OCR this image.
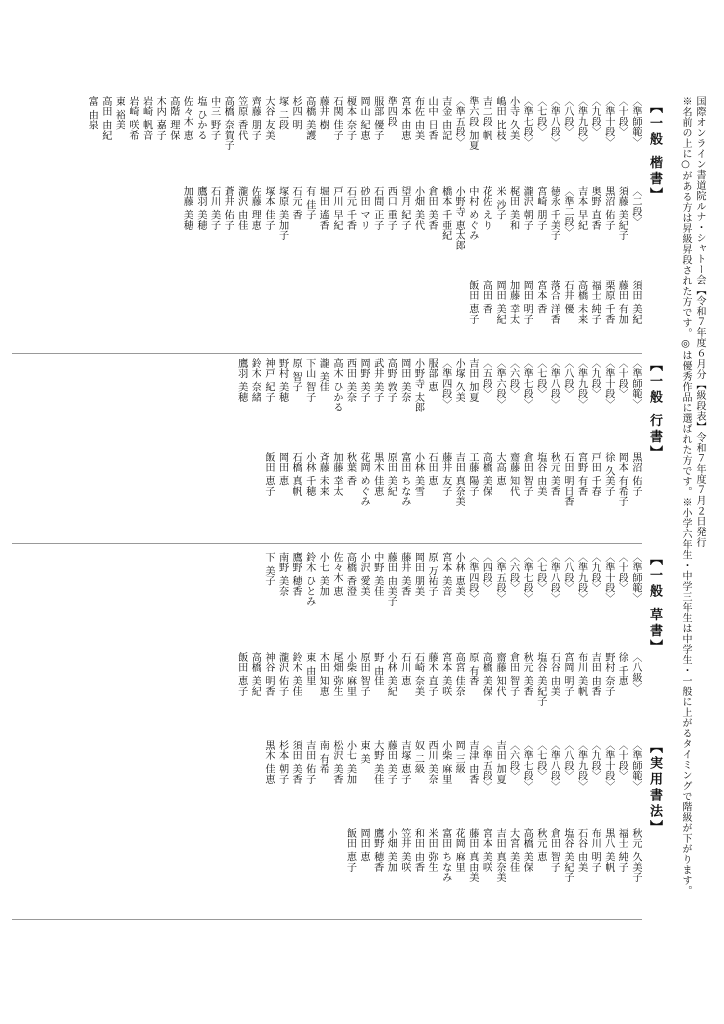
国際オンライン書道院ルナ・シャトー会【令和７年度６月分【級段表】令和７年度７月２日発行
※名前の上に○がある方は昇級昇段された方です。◎は優秀作品に選ばれた方です。※小学六年生・中学三年生は中学生・一般に上がるタイミングで階級が下がります。
【一般 楷書】
〈準師範〉
〈十段〉
〈準十段〉
〈九段〉
〈準九段〉
〈八段〉
〈準八段〉
〈七段〉
〈準七段〉
小寺 久美
嶋田 比枝
吉二段 帆
準六段 加夏
〈準五段〉
吉金 由記
山中 日香
布佐 由美
宮本 由恵
準四段
服部 優子
岡山 紀恵
榎本 奈子
石関 佳子
藤井 樹
高橋 美護
杉四 明
塚 二段
大谷 友美
齊藤 朋子
笠原 香代
高橋 奈賀子
中三 野子
塩 ひかる
佐々木 恵
高階 理保
木内 嘉子
岩崎 帆音
岩崎 咲希
東 裕美
高田 由紀
富 由泉
〈二段〉
須藤 美紀子
黒沼 佑子
奥野 直香
吉本 早紀
〈準二段〉
徳永 千美子
宮崎 朋子
瀧沢 朝子
梶田 美和
米 沙子
花佐 えり
中村 めぐみ
小野寺 恵太郎
橋本 千亜紀
倉田 美香
小畑 美代
望月 紀子
西口 重子
石間 正子
砂田 マリ
石元 千香
戸川 早紀
堀田 遙香
有 佳子
石元 香
塚原 美加子
塚本 佳子
佐藤 理恵
瀧沢 由佳
蒼井 佑子
石川 美子
鷹羽 美穂
加藤 美穂
須田 美紀
藤田 有加
栗原 千香
福士 純子
高橋 未来
石井 優
落合 洋香
宮本 香
岡田 明子
加藤 幸太
岡田 美紀
高田 香
飯田 恵子
【一般 行書】
〈準師範〉
〈十段〉
〈準十段〉
〈九段〉
〈準九段〉
〈八段〉
〈準八段〉
〈七段〉
〈準七段〉
〈六段〉
〈準六段〉
〈五段〉
吉田 加夏
小塚 久美
〈準四段〉
服部 恵
小野寺 太郎
岡田 美奈
高野 敦子
武井 美子
岡野 美子
西田 美奈
高木 ひかる
瀧 美佳
下山 智子
原 智子
野村 美穂
神戸 紀子
鈴木 奈緒
鷹羽 美穂
黒沼 佑子
岡本 有希子
徐 久美子
戸田 千春
宮野 有香
石田 明日香
秋元 美香
塩谷 由美
倉田 智子
齋藤 知代
大高 恵
高橋 美保
工藤 陽子
吉田 真奈美
藤井 友子
石田 恵
小林 美雪
富田 ちなみ
原田 美紀
黒木 佳恵
花岡 めぐみ
秋葉 香
加藤 幸太
斉藤 未来
小林 千穂
石橋 真帆
岡田 恵
飯田 恵子
【一般 草書】
〈準師範〉
〈十段〉
〈準十段〉
〈九段〉
〈準九段〉
〈八段〉
〈準八段〉
〈七段〉
〈準七段〉
〈六段〉
〈準五段〉
〈四段〉
〈準四段〉
小林 恵美
宮本 美音
原 万祐子
岡田 朋美
藤井 美香
藤田 由美子
中野 美佳
小沢 愛美
高橋 香澄
佐々木 恵
小七 美加
鈴木 ひとみ
鷹野 穂香
南野 美奈
下 美子
〈八級〉
徐 千恵
野村 奈子
吉田 由香
布川 美帆
宮岡 明子
石谷 由美
塩谷 美紀子
秋元 美香
倉田 智子
齋藤 知代
高橋 美保
原 有香
高宮 佳奈
宮本 美咲
藤木 直子
石崎 奈美
石川 恵
小林 美紀
野 由佳
原田 智子
小柴 麻里
尾畑 弥生
木田 知恵
東 由里
鈴木 美佳
瀧沢 佑子
神谷 明香
高橋 美紀
飯田 恵子
【実用書法】
〈準師範〉
〈十段〉
〈準十段〉
〈九段〉
〈準九段〉
〈八段〉
〈準八段〉
〈七段〉
〈準七段〉
〈六段〉
吉田 加夏
〈準五段〉
吉津 由香
岡 三級
小柴 麻里
西川 美奈
奴 二級
吉塚 恵子
藤田 美子
大野 美佳
東 美
小七 美加
松沢 美香
南 有希
吉田 佑子
須田 美香
杉本 朝子
黒木 佳恵
秋元 久美子
福士 純子
黒八 美帆
布川 明子
石谷 由美
塩谷 美紀子
倉田 智子
秋元 恵
高橋 美保
大宮 美佳
吉田 真奈美
宮本 美咲
藤田 真由美
花岡 麻里
富田 ちなみ
米田 弥生
和田 由香
笠井 美咲
小畑 美加
鷹野 穂香
岡田 恵
飯田 恵子
